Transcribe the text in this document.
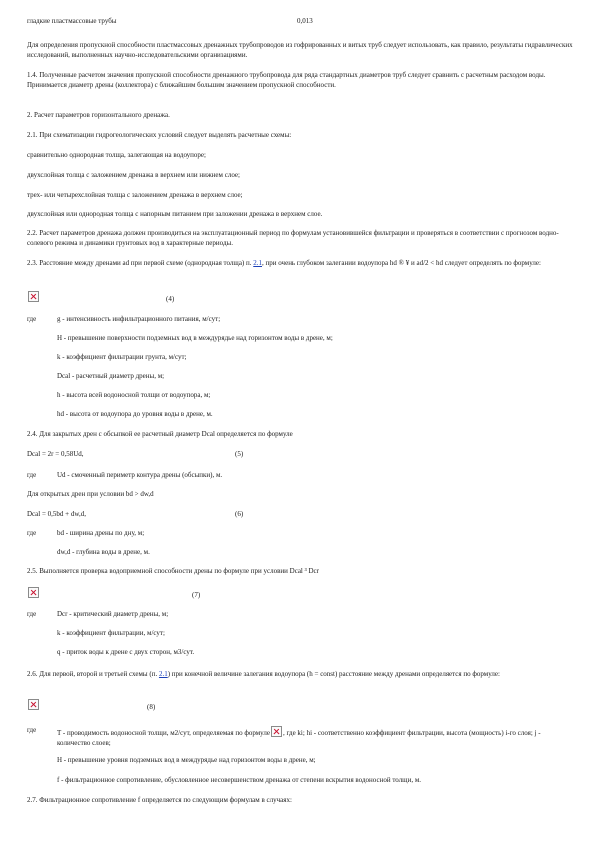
гладкие пластмассовые трубы	0,013
Для определения пропускной способности пластмассовых дренажных трубопроводов из гофрированных и витых труб следует использовать, как правило, результаты гидравлических исследований, выполненных научно-исследовательскими организациями.
1.4. Полученные расчетом значения пропускной способности дренажного трубопровода для ряда стандартных диаметров труб следует сравнить с расчетным расходом воды. Принимается диаметр дрены (коллектора) с ближайшим большим значением пропускной способности.
2. Расчет параметров горизонтального дренажа.
2.1. При схематизации гидрогеологических условий следует выделять расчетные схемы:
сравнительно однородная толща, залегающая на водоупоре;
двухслойная толща с заложением дренажа в верхнем или нижнем слое;
трех- или четырехслойная толща с заложением дренажа в верхнем слое;
двухслойная или однородная толща с напорным питанием при заложении дренажа в верхнем слое.
2.2. Расчет параметров дренажа должен производиться на эксплуатационный период по формулам установившейся фильтрации и проверяться в соответствии с прогнозом водно-солевого режима и динамики грунтовых вод в характерные периоды.
2.3. Расстояние между дренами ad при первой схеме (однородная толща) п. 2.1, при очень глубоком залегании водоупора hd ® ¥ и ad/2 < hd следует определять по формуле:
(4)
где	g - интенсивность инфильтрационного питания, м/сут;
H - превышение поверхности подземных вод в междурядье над горизонтом воды в дрене, м;
k - коэффициент фильтрации грунта, м/сут;
Dcal - расчетный диаметр дрены, м;
h - высота всей водоносной толщи от водоупора, м;
hd - высота от водоупора до уровня воды в дрене, м.
2.4. Для закрытых дрен с обсыпкой ее расчетный диаметр Dcal определяется по формуле
Dcal = 2r = 0,58Ud,	(5)
где	Ud - смоченный периметр контура дрены (обсыпки), м.
Для открытых дрен при условии bd > dw,d
Dcal = 0,5bd + dw,d,	(6)
где	bd - ширина дрены по дну, м;
dw,d - глубина воды в дрене, м.
2.5. Выполняется проверка водоприемной способности дрены по формуле при условии Dcal ³ Dcr
(7)
где	Dcr - критический диаметр дрены, м;
k - коэффициент фильтрации, м/сут;
q - приток воды к дрене с двух сторон, м3/сут.
2.6. Для первой, второй и третьей схемы (п. 2.1) при конечной величине залегания водоупора (h = const) расстояние между дренами определяется по формуле:
(8)
где	T - проводимость водоносной толщи, м2/сут, определяемая по формуле , где ki; hi - соответственно коэффициент фильтрации, высота (мощность) i-го слоя; j - количество слоев;
H - превышение уровня подземных вод в междурядье над горизонтом воды в дрене, м;
f - фильтрационное сопротивление, обусловленное несовершенством дренажа от степени вскрытия водоносной толщи, м.
2.7. Фильтрационное сопротивление f определяется по следующим формулам в случаях:
